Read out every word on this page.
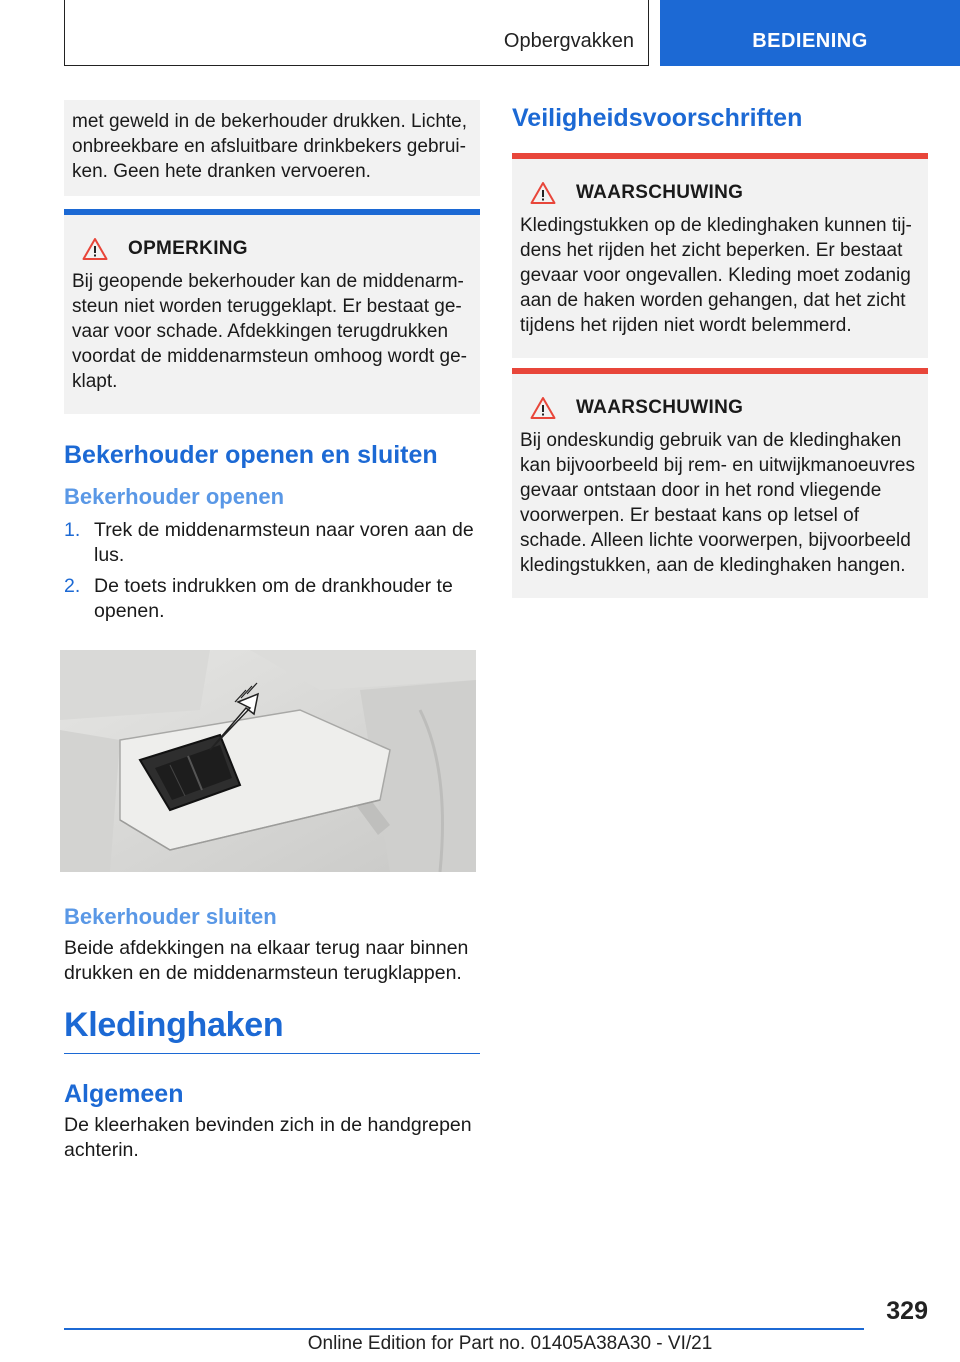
Opbergvakken	BEDIENING

met geweld in de bekerhouder drukken. Lichte, onbreekbare en afsluitbare drinkbekers gebrui-ken. Geen hete dranken vervoeren.

OPMERKING

Bij geopende bekerhouder kan de middenarm-steun niet worden teruggeklapt. Er bestaat ge-vaar voor schade. Afdekkingen terugdrukken voordat de middenarmsteun omhoog wordt ge-klapt.

Bekerhouder openen en sluiten
Bekerhouder openen
1. Trek de middenarmsteun naar voren aan de lus.
2. De toets indrukken om de drankhouder te openen.
Bekerhouder sluiten

Beide afdekkingen na elkaar terug naar binnen drukken en de middenarmsteun terugklappen.

Kledinghaken
Algemeen

De kleerhaken bevinden zich in de handgrepen achterin.

Veiligheidsvoorschriften
WAARSCHUWING

Kledingstukken op de kledinghaken kunnen tij-dens het rijden het zicht beperken. Er bestaat gevaar voor ongevallen. Kleding moet zodanig aan de haken worden gehangen, dat het zicht tijdens het rijden niet wordt belemmerd.

WAARSCHUWING

Bij ondeskundig gebruik van de kledinghaken kan bijvoorbeeld bij rem- en uitwijkmanoeuvres gevaar ontstaan door in het rond vliegende voorwerpen. Er bestaat kans op letsel of schade. Alleen lichte voorwerpen, bijvoorbeeld kledingstukken, aan de kledinghaken hangen.

329
Online Edition for Part no. 01405A38A30 - VI/21
